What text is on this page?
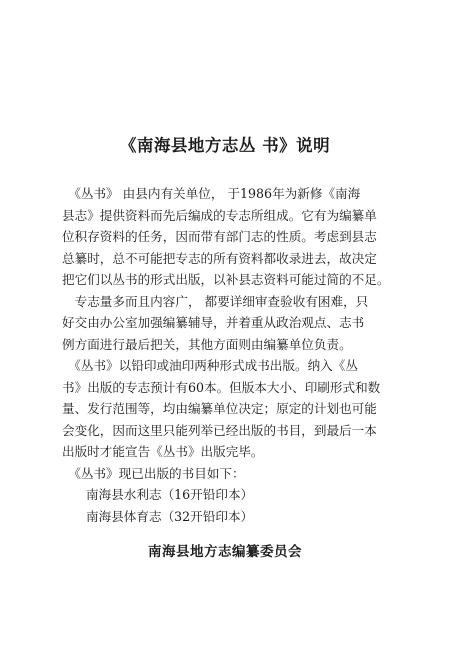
《南海县地方志丛 书》说明
　《丛书》 由县内有关单位， 于1986年为新修《南海
县志》提供资料而先后编成的专志所组成。它有为编纂单
位积存资料的任务，因而带有部门志的性质。考虑到县志
总纂时，总不可能把专志的所有资料都收录进去，故决定
把它们以丛书的形式出版，以补县志资料可能过简的不足。
　专志量多而且内容广， 都要详细审查验收有困难，只
好交由办公室加强编纂辅导，并着重从政治观点、志书
例方面进行最后把关，其他方面则由编纂单位负责。
　《丛书》以铅印或油印两种形式成书出版。纳入《丛
书》出版的专志预计有60本。但版本大小、印刷形式和数
量、发行范围等，均由编纂单位决定；原定的计划也可能
会变化，因而这里只能列举已经出版的书目，到最后一本
出版时才能宣告《丛书》出版完毕。
　《丛书》现已出版的书目如下：
南海县水利志（16开铅印本）
南海县体育志（32开铅印本）
南海县地方志编纂委员会
